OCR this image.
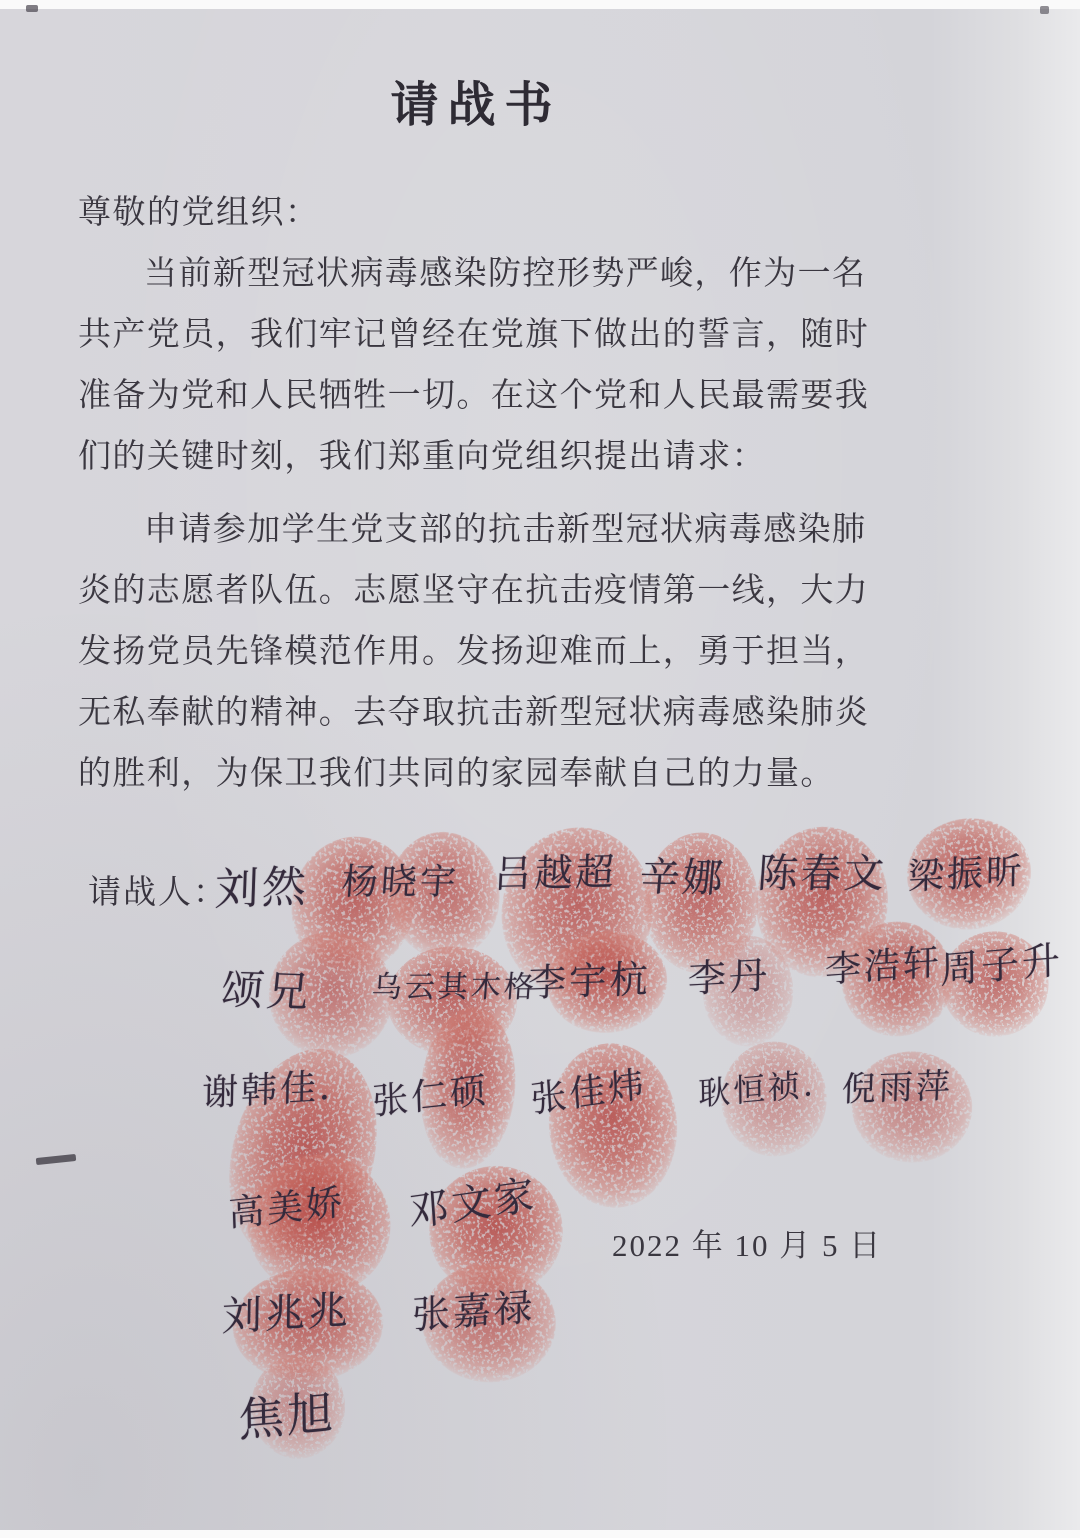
请战书
尊敬的党组织：
当前新型冠状病毒感染防控形势严峻，作为一名
共产党员，我们牢记曾经在党旗下做出的誓言，随时
准备为党和人民牺牲一切。在这个党和人民最需要我
们的关键时刻，我们郑重向党组织提出请求：
申请参加学生党支部的抗击新型冠状病毒感染肺
炎的志愿者队伍。志愿坚守在抗击疫情第一线，大力
发扬党员先锋模范作用。发扬迎难而上，勇于担当，
无私奉献的精神。去夺取抗击新型冠状病毒感染肺炎
的胜利，为保卫我们共同的家园奉献自己的力量。
请战人：
刘然 杨晓宇 吕越超 辛娜 陈春文 梁振昕
颂兄 乌云其木格
李宇杭 李丹 李浩轩
周子升
谢韩佳. 张仁硕 张佳炜 耿恒祯. 倪雨萍
高美娇 邓文家
刘兆兆 张嘉禄
焦旭
2022 年 10 月 5 日
